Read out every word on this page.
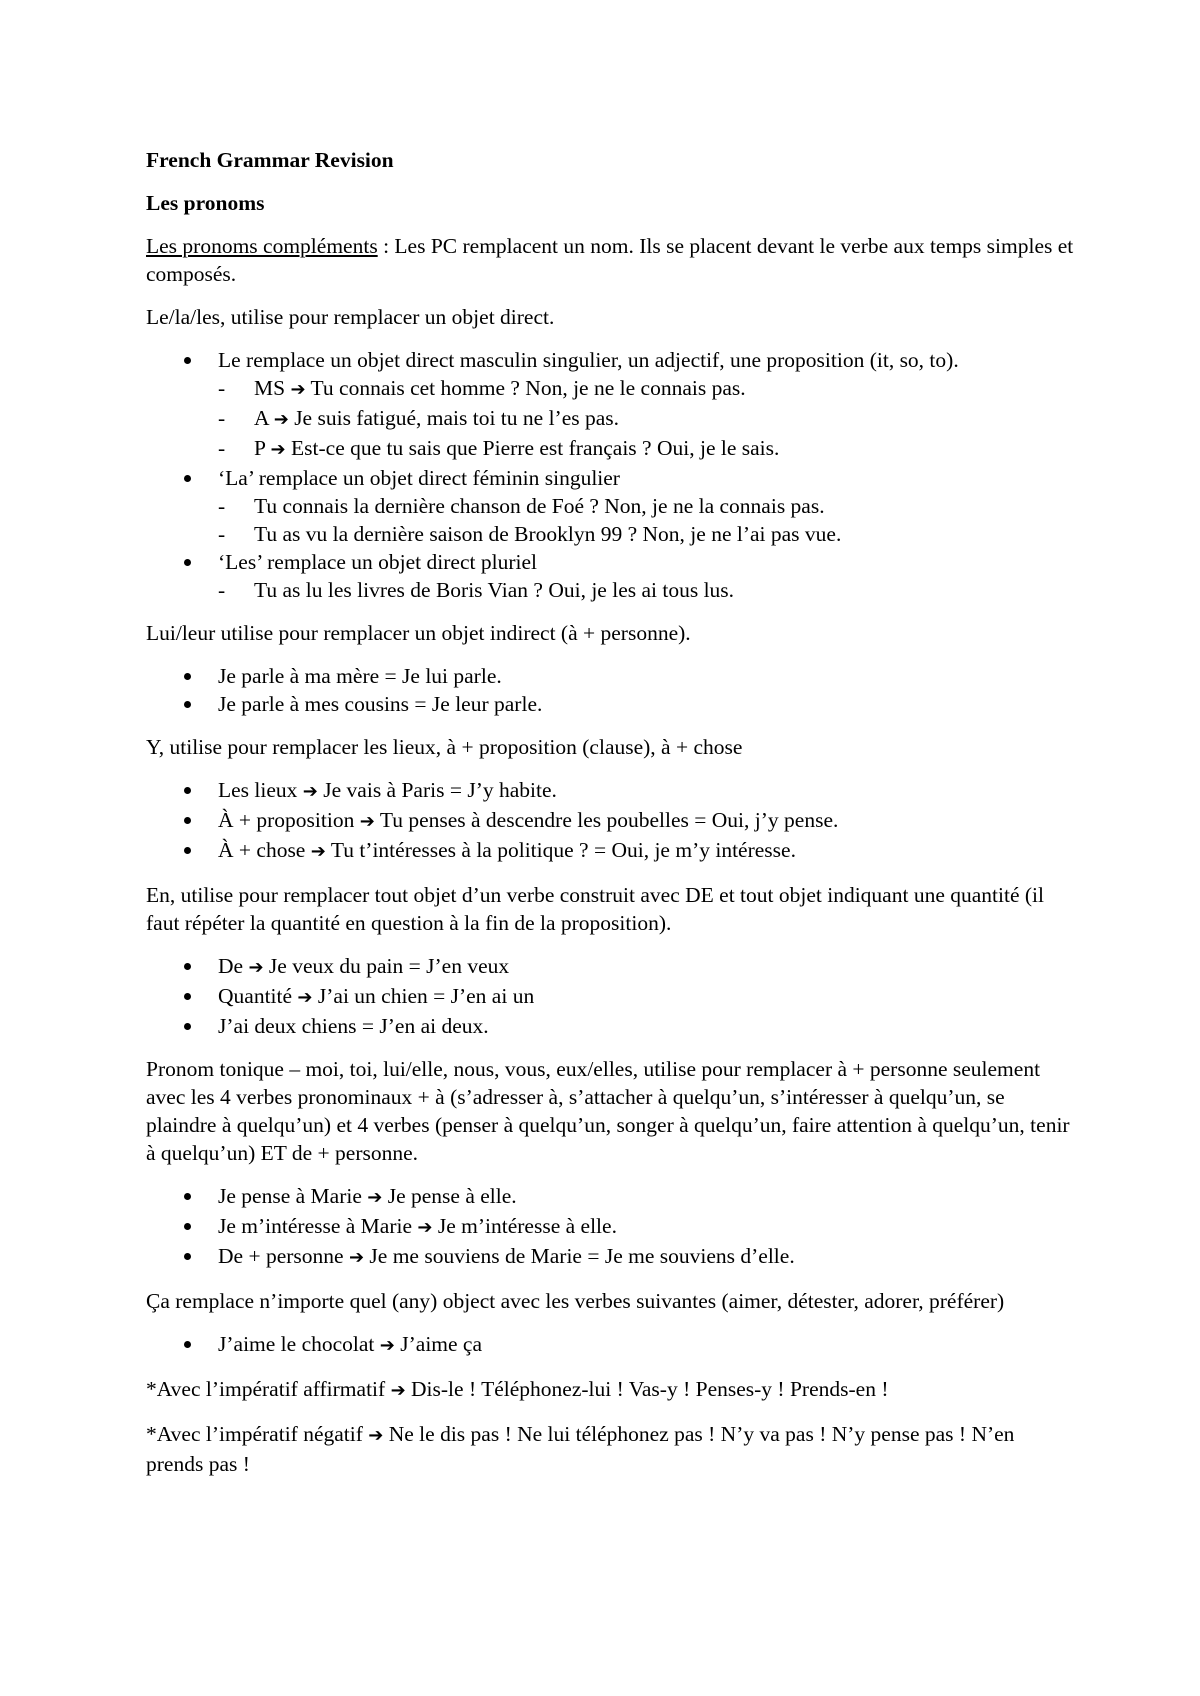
French Grammar Revision

Les pronoms

Les pronoms compléments : Les PC remplacent un nom. Ils se placent devant le verbe aux temps simples et composés.

Le/la/les, utilise pour remplacer un objet direct.

Le remplace un objet direct masculin singulier, un adjectif, une proposition (it, so, to).
- MS ➔ Tu connais cet homme ? Non, je ne le connais pas.
- A ➔ Je suis fatigué, mais toi tu ne l’es pas.
- P ➔ Est-ce que tu sais que Pierre est français ? Oui, je le sais.
‘La’ remplace un objet direct féminin singulier
- Tu connais la dernière chanson de Foé ? Non, je ne la connais pas.
- Tu as vu la dernière saison de Brooklyn 99 ? Non, je ne l’ai pas vue.
‘Les’ remplace un objet direct pluriel
- Tu as lu les livres de Boris Vian ? Oui, je les ai tous lus.

Lui/leur utilise pour remplacer un objet indirect (à + personne).

Je parle à ma mère = Je lui parle.
Je parle à mes cousins = Je leur parle.

Y, utilise pour remplacer les lieux, à + proposition (clause), à + chose

Les lieux ➔ Je vais à Paris = J’y habite.
À + proposition ➔ Tu penses à descendre les poubelles = Oui, j’y pense.
À + chose ➔ Tu t’intéresses à la politique ? = Oui, je m’y intéresse.

En, utilise pour remplacer tout objet d’un verbe construit avec DE et tout objet indiquant une quantité (il faut répéter la quantité en question à la fin de la proposition).

De ➔ Je veux du pain = J’en veux
Quantité ➔ J’ai un chien = J’en ai un
J’ai deux chiens = J’en ai deux.

Pronom tonique – moi, toi, lui/elle, nous, vous, eux/elles, utilise pour remplacer à + personne seulement avec les 4 verbes pronominaux + à (s’adresser à, s’attacher à quelqu’un, s’intéresser à quelqu’un, se plaindre à quelqu’un) et 4 verbes (penser à quelqu’un, songer à quelqu’un, faire attention à quelqu’un, tenir à quelqu’un) ET de + personne.

Je pense à Marie ➔ Je pense à elle.
Je m’intéresse à Marie ➔ Je m’intéresse à elle.
De + personne ➔ Je me souviens de Marie = Je me souviens d’elle.

Ça remplace n’importe quel (any) object avec les verbes suivantes (aimer, détester, adorer, préférer)

J’aime le chocolat ➔ J’aime ça

*Avec l’impératif affirmatif ➔ Dis-le ! Téléphonez-lui ! Vas-y ! Penses-y ! Prends-en !

*Avec l’impératif négatif ➔ Ne le dis pas ! Ne lui téléphonez pas ! N’y va pas ! N’y pense pas ! N’en prends pas !
